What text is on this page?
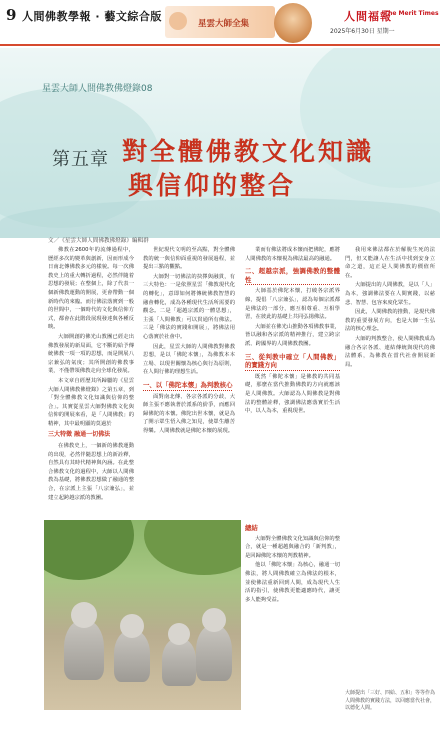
9 人間佛教學報 · 藝文綜合版
星雲大師全集
人間福報
The Merit Times
2025年6月30日 星期一
星雲大師人間佛教佛燈錄08
第五章 對全體佛教文化知識
與信仰的整合
文／《星雲大師人間佛教佛燈錄》編輯群

佛教在2600年的流傳過程中，歷經多次的變革與創新，因而形成今日南北傳佛教多元的樣貌。每一次佛教史上的重大轉折過程，必然伴隨着思想的發展；在整個上，除了代表一個新佛教運動的開展，更會帶動一個新時代的來臨。而行佛法落實到一般的世間中，一個時代的文化與信仰方式，都會在此階段展現發達與各種反映。

大師開創的佛光山教團已經走出佛教發展的新局面，它不斷的給予傳統佛教一項一項的思想，而是開展八宗兼弘的氣度；其所開創的佛教事業，不僅帶領佛教走向全球化發展。

本文章自經歷其所歸屬的《星雲大師人間佛教佛燈錄》之第五章，到「對全體佛教文化知識與信仰的整合」。其實從星雲大師對佛教文化與信仰的開展來看，是「人間佛教」的精神，其中最明顯的莫過於

三大特徵 融通一切佛法

在佛教史上，一個新的佛教運動的出現，必然伴隨思想上的新詮釋，自然具有其時代精神與內涵。在此整合佛教文化的過程中，大師以人間佛教為基礎，將佛教思想做了融通的整合，在宗派上主張「八宗兼弘」，並建立起跨越宗派的教團。

世紀現代文明的至高點，對全體佛教的統一與信仰面重視的發展過程，並提出三點的觀點。

大師對一切佛法的抉擇與融貫，有三大特色：一是依照星雲「佛教現代化的轉化」，意即如何將傳統佛教智慧的融會轉化，成為各種現代生活所需要的觀念。二是「超越宗派的一體思想」，主張「人間佛教」可以貫通所有佛法。三是「佛法的實踐和開展」，將佛法用心落實於社會中。

因此，星雲大師的人間佛教對佛教思想，是以「佛陀本懷」，為佛教本本立場、以現世關懷為核心與行為原則，在人間行佛的理想生活。

一、以「佛陀本懷」為判教核心

面對南北傳、各宗各派的分歧，大師主張不應執著於派系的紛爭，而應回歸佛陀的本懷。佛陀出世本懷，就是為了開示眾生悟入佛之知見，使眾生離苦得樂。人間佛教就是佛陀本懷的展現。

業而有佛法將成本懷而把佛陀，應將人間佛教的本懷視為佛法最高的融通。

二、超越宗派，強調佛教的整體性

大師基於佛陀本懷，打破各宗派界線，提倡「八宗兼弘」，認為每個宗派都是佛法的一部分，應互相尊重、互相學習，在彼此的基礎上共同弘揚佛法。

大師並在佛光山推動各項佛教事業，皆以融和各宗派的精神推行，建立跨宗派、跨國界的人間佛教教團。

三、從判教中確立「人間佛教」的實踐方向

既然「佛陀本懷」是佛教的共同基礎，那麼在當代推動佛教的方向就應該是人間佛教。大師認為人間佛教是對佛法的整體詮釋，強調佛法應落實於生活中，以人為本，重視現世。

我用來佛法都在於解脫生死的法門，但又能讓人在生活中找到安身立命之道，這正是人間佛教的價值所在。

大師提出的人間佛教，是以「人」為本，強調佛法要在人間實踐，以慈悲、智慧、包容來度化眾生。

因此，人間佛教的推動，是現代佛教的重要發展方向，也是大師一生弘法的核心理念。

大師的判教整合，使人間佛教成為融合各宗各派、連結傳統與現代的佛法體系，為佛教在當代社會開展新局。

總結

大師對全體佛教文化知識與信仰的整合，就是一種超越與融合的「新判教」，是回歸佛陀本懷的判教精神。

他以「佛陀本懷」為核心，融通一切佛法，將人間佛教確立為佛法的根本，並使佛法重新回到人間，成為現代人生活的指引，使佛教更能適應時代，讓更多人能夠受益。

大師提出「三好、四給、五和」等等作為人間佛教的實踐方法，以回應當代社會，以德化人間。
